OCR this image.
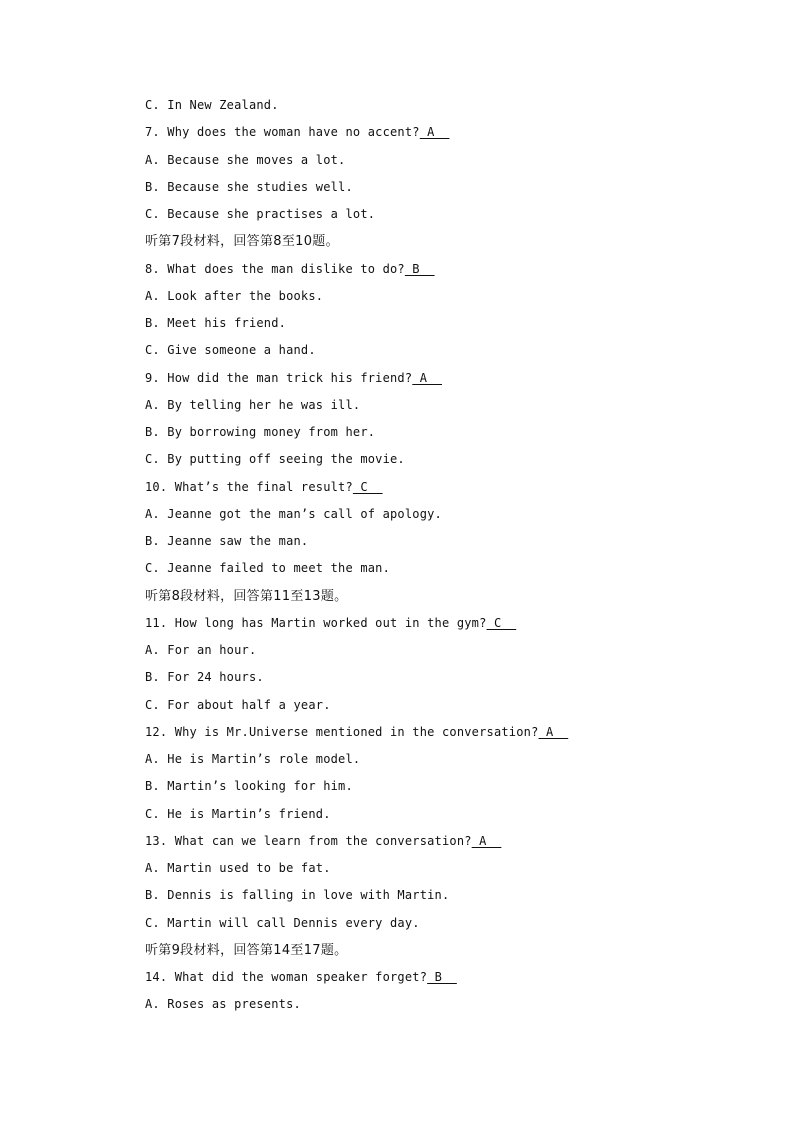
C. In New Zealand.
7. Why does the woman have no accent? A
A. Because she moves a lot.
B. Because she studies well.
C. Because she practises a lot.
听第7段材料，回答第8至10题。
8. What does the man dislike to do? B
A. Look after the books.
B. Meet his friend.
C. Give someone a hand.
9. How did the man trick his friend? A
A. By telling her he was ill.
B. By borrowing money from her.
C. By putting off seeing the movie.
10. What’s the final result? C
A. Jeanne got the man’s call of apology.
B. Jeanne saw the man.
C. Jeanne failed to meet the man.
听第8段材料，回答第11至13题。
11. How long has Martin worked out in the gym? C
A. For an hour.
B. For 24 hours.
C. For about half a year.
12. Why is Mr.Universe mentioned in the conversation? A
A. He is Martin’s role model.
B. Martin’s looking for him.
C. He is Martin’s friend.
13. What can we learn from the conversation? A
A. Martin used to be fat.
B. Dennis is falling in love with Martin.
C. Martin will call Dennis every day.
听第9段材料，回答第14至17题。
14. What did the woman speaker forget? B
A. Roses as presents.
